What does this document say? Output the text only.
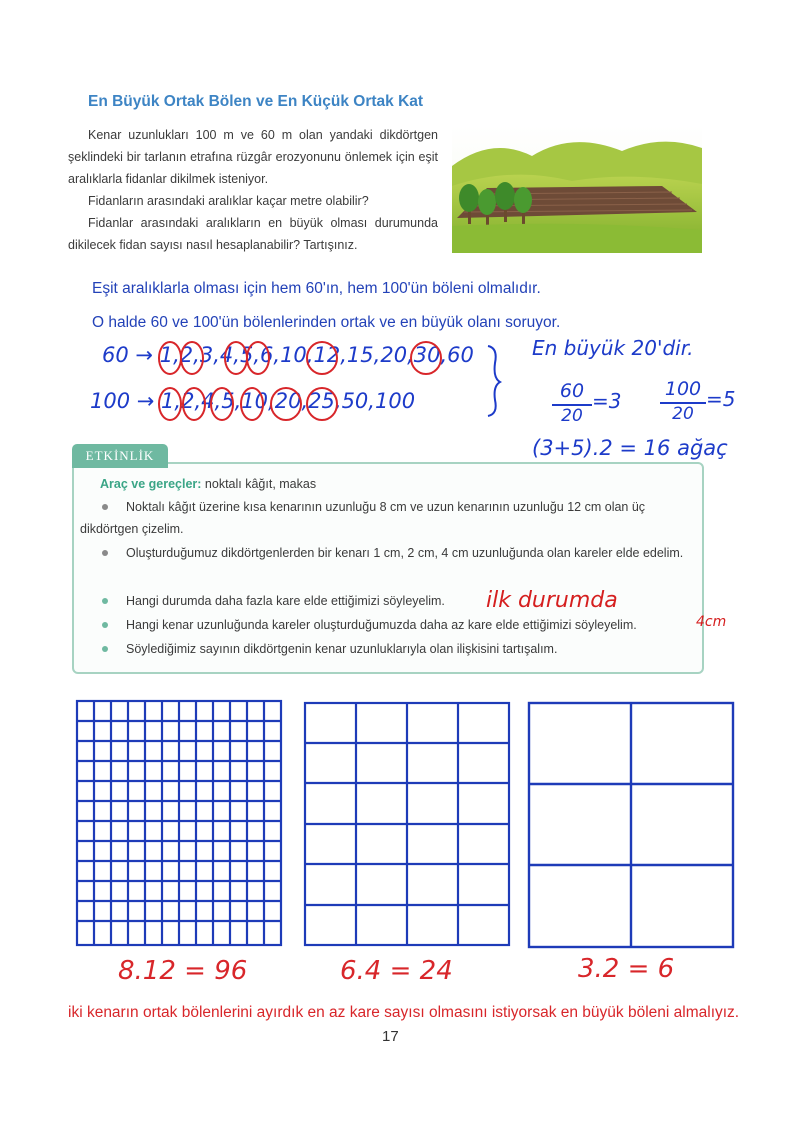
En Büyük Ortak Bölen ve En Küçük Ortak Kat

Kenar uzunlukları 100 m ve 60 m olan yandaki dikdörtgen şeklindeki bir tarlanın etrafına rüzgâr erozyonunu önlemek için eşit aralıklarla fidanlar dikilmek isteniyor.

Fidanların arasındaki aralıklar kaçar metre olabilir?

Fidanlar arasındaki aralıkların en büyük olması durumunda dikilecek fidan sayısı nasıl hesaplanabilir? Tartışınız.

Eşit aralıklarla olması için hem 60'ın, hem 100'ün böleni olmalıdır.
O halde 60 ve 100'ün bölenlerinden ortak ve en büyük olanı soruyor.
60 → 1,2,3,4,5,6,10,12,15,20,30,60
100 → 1,2,4,5,10,20,25,50,100
En büyük 20'dir.
60
20
=3 100
20
=5
(3+5).2 = 16 ağaç
ETKİNLİK
Araç ve gereçler: noktalı kâğıt, makas
Noktalı kâğıt üzerine kısa kenarının uzunluğu 8 cm ve uzun kenarının uzunluğu 12 cm olan üç dikdörtgen çizelim.
Oluşturduğumuz dikdörtgenlerden bir kenarı 1 cm, 2 cm, 4 cm uzunluğunda olan kareler elde edelim.
Hangi durumda daha fazla kare elde ettiğimizi söyleyelim.
Hangi kenar uzunluğunda kareler oluşturduğumuzda daha az kare elde ettiğimizi söyleyelim.
Söylediğimiz sayının dikdörtgenin kenar uzunluklarıyla olan ilişkisini tartışalım.
ilk durumda
4cm
8.12 = 96	6.4 = 24	3.2 = 6
iki kenarın ortak bölenlerini ayırdık en az kare sayısı olmasını istiyorsak en büyük böleni almalıyız.
17
